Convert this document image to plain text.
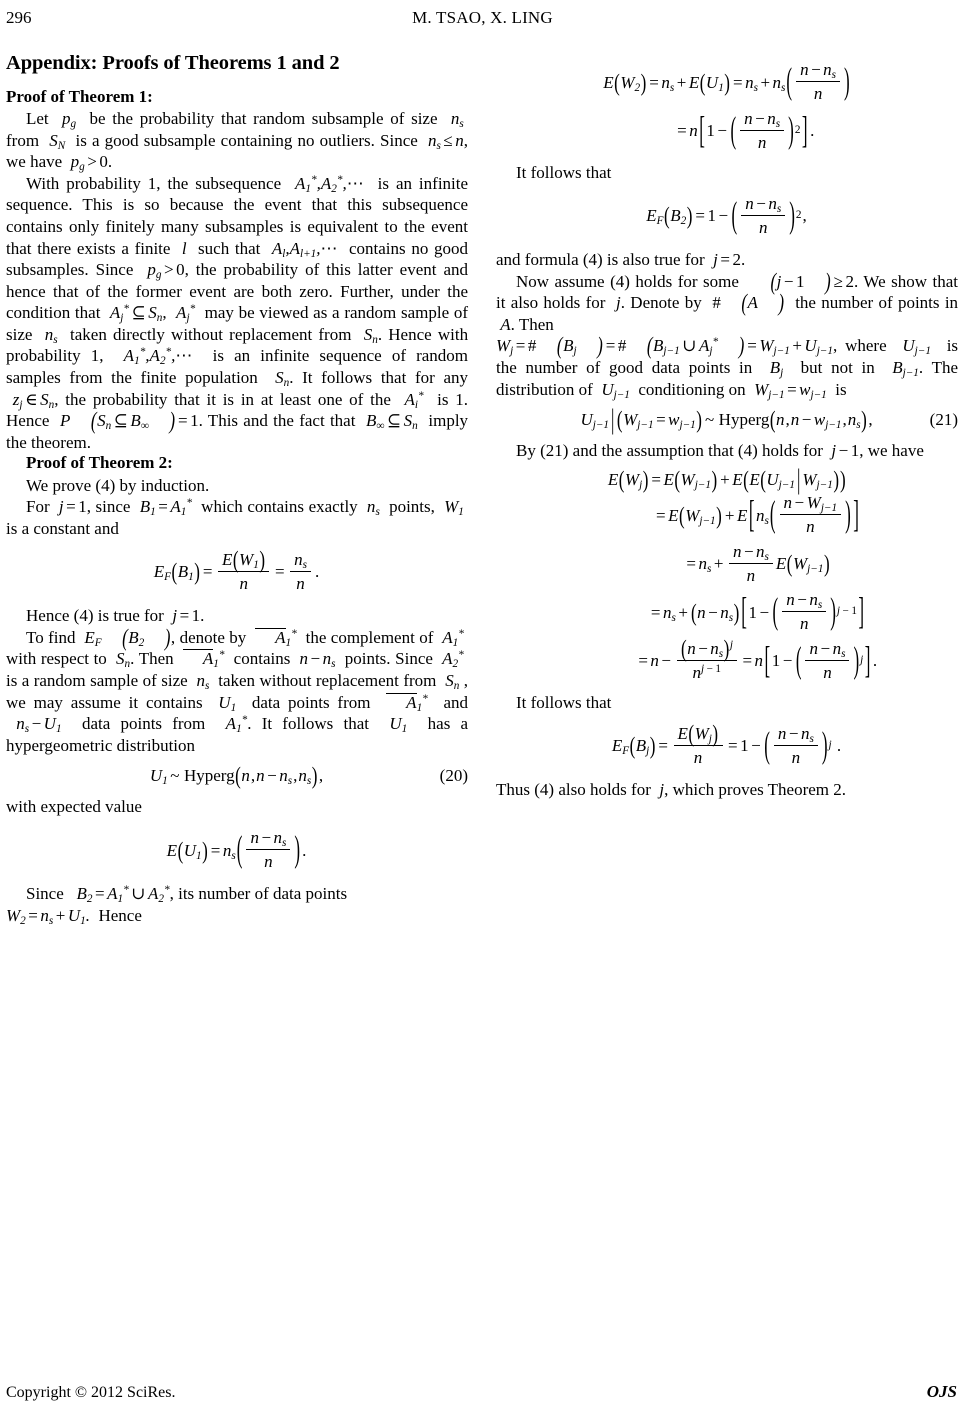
296	M. TSAO, X. LING
Appendix: Proofs of Theorems 1 and 2
Proof of Theorem 1:

Let  $p_g$ be the probability that random subsample of size  $n_s$  from  $S_N$ is a good subsample containing no outliers. Since  $n_s \le n$, we have  $p_g > 0$.

With probability 1, the subsequence  $A_1^*,A_2^*,\cdots$ is an infinite sequence. This is so because the event that this subsequence contains only finitely many subsamples is equivalent to the event that there exists a finite  l  such that  $A_l,A_{l+1},\cdots$ contains no good subsamples. Since  $p_g > 0$, the probability of this latter event and hence that of the former event are both zero. Further, under the condition that  $A_j^*$ ⊆ $S_n$,  $A_j^*$ may be viewed as a random sample of size  $n_s$ taken directly without replacement from  $S_n$. Hence with probability 1,  $A_1^*,A_2^*,\cdots$ is an infinite sequence of random samples from the finite population  $S_n$. It follows that for any  $z_j$ ∈ $S_n$, the probability that it is in at least one of the  $A_i^*$ is 1. Hence  P ($S_n$ ⊆ $B_\infty$ ) = 1. This and the fact that  $B_\infty$ ⊆ $S_n$ imply the theorem.

Proof of Theorem 2:

We prove (4) by induction.

For  j = 1, since  $B_1 = A_1^*$ which contains exactly  $n_s$ points,  $W_1$  is a constant and

$E_F$ ( $B_1$ ) = $\frac{E(W_1)}{n} = \frac{n_s}{n}$ .

Hence (4) is true for  j = 1.

To find  $E_F$ ($B_2$ ), denote by $A_1^*$ the complement of  $A_1^*$  with respect to  $S_n$. Then $A_1^*$ contains  $n - n_s$ points. Since  $A_2^*$  is a random sample of size  $n_s$ taken without replacement from  $S_n$ , we may assume it contains  $U_1$ data points from $A_1^*$ and  $n_s - U_1$ data points from  $A_1^*$. It follows that  $U_1$ has a hypergeometric distribution

$U_1$ ~ Hyperg(n,n − $n_s,n_s$),	(20)

with expected value

E ( $U_1$ ) = $n_s$ ( $\frac{n - n_s}{n}$ ) .

Since   $B_2 = A_1^*$ ∪ $A_2^*$, its number of data points
$W_2 = n_s + U_1$.  Hence

E ( $W_2$ ) = $n_s + E$ ( $U_1$ ) = $n_s + n_s$ ( $\frac{n - n_s}{n}$ )
= n [ 1 − ( $\frac{n - n_s}{n}$ ) 2 ] .

It follows that

$E_F$ ( $B_2$ ) = 1 − ( $\frac{n - n_s}{n}$ ) 2 ,

and formula (4) is also true for  j = 2.

Now assume (4) holds for some (j − 1 ) ≥ 2. We show that it also holds for  j. Denote by # (A ) the number of points in  A. Then
$W_j$ = # ($B_j$ ) = # ($B_{j-1}$ ∪ $A_j^*$ ) = $W_{j-1} + U_{j-1}$, where  $U_{j-1}$ is the number of good data points in  $B_j$ but not in  $B_{j-1}$. The distribution of  $U_{j-1}$ conditioning on  $W_{j-1} = w_{j-1}$ is

$U_{j-1}$ | $(W_{j-1} = w_{j-1})$ ~ Hyperg(n,n − $w_{j-1},n_s$),	(21)

By (21) and the assumption that (4) holds for  j − 1, we have

E ( $W_j$ ) = E ( $W_{j-1}$ ) + E ( E ( $U_{j-1}$ | $W_{j-1}$ ) )
= E ( $W_{j-1}$ ) + E [ $n_s$ ( $\frac{n - W_{j-1}}{n}$ ) ]
= $n_s + \frac{n - n_s}{n}$ E ( $W_{j-1}$ )
= $n_s$ + ( $n - n_s$ ) [ 1 − ( $\frac{n - n_s}{n}$ ) j − 1 ]
= $n - \frac{(n - n_s)^j}{n^{j - 1}} = n$ [ 1 − ( $\frac{n - n_s}{n}$ ) j ] .

It follows that

$E_F$ ( $B_j$ ) = $\frac{E(W_j)}{n} = 1$ − ( $\frac{n - n_s}{n}$ ) j .

Thus (4) also holds for  j, which proves Theorem 2.

Copyright © 2012 SciRes.	OJS
